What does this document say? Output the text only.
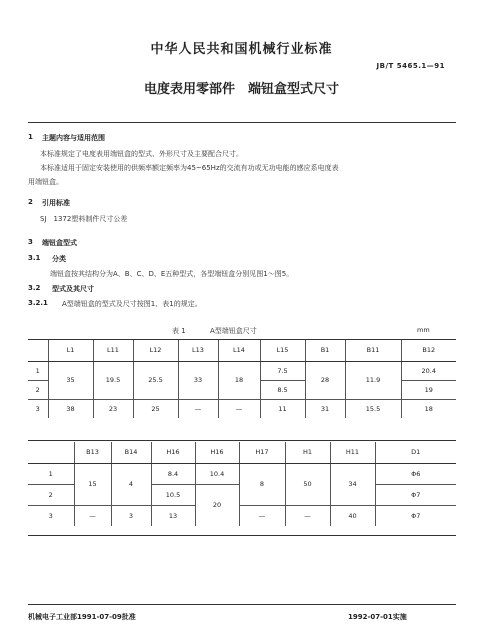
中华人民共和国机械行业标准
JB/T 5465.1—91
电度表用零部件　端钮盒型式尺寸
1 主题内容与适用范围
本标准规定了电度表用端钮盒的型式、外形尺寸及主要配合尺寸。
本标准适用于固定安装使用的供频率额定频率为45~65Hz的交流有功或无功电能的感应系电度表
用端钮盒。
2 引用标准
SJ　1372塑料制件尺寸公差
3 端钮盒型式
3.1 分类
端钮盒按其结构分为A、B、C、D、E五种型式，各型端钮盒分别见图1～图5。
3.2 型式及其尺寸
3.2.1 A型端钮盒的型式及尺寸按图1、表1的规定。
表 1	A型端钮盒尺寸	mm
	L1	L11	L12	L13	L14	L15	B1	B11	B12
1	35	19.5	25.5	33	18	7.5	28	11.9	20.4
2						8.5			19
3	38	23	25	—	—	11	31	15.5	18
	B13	B14	H16	H16	H17	H1	H11	D1
1	15	4	8.4	10.4	8	50	34	Φ6
2			10.5	20				Φ7
3	—	3	13		—	—	40	Φ7
机械电子工业部1991-07-09批准	1992-07-01实施
